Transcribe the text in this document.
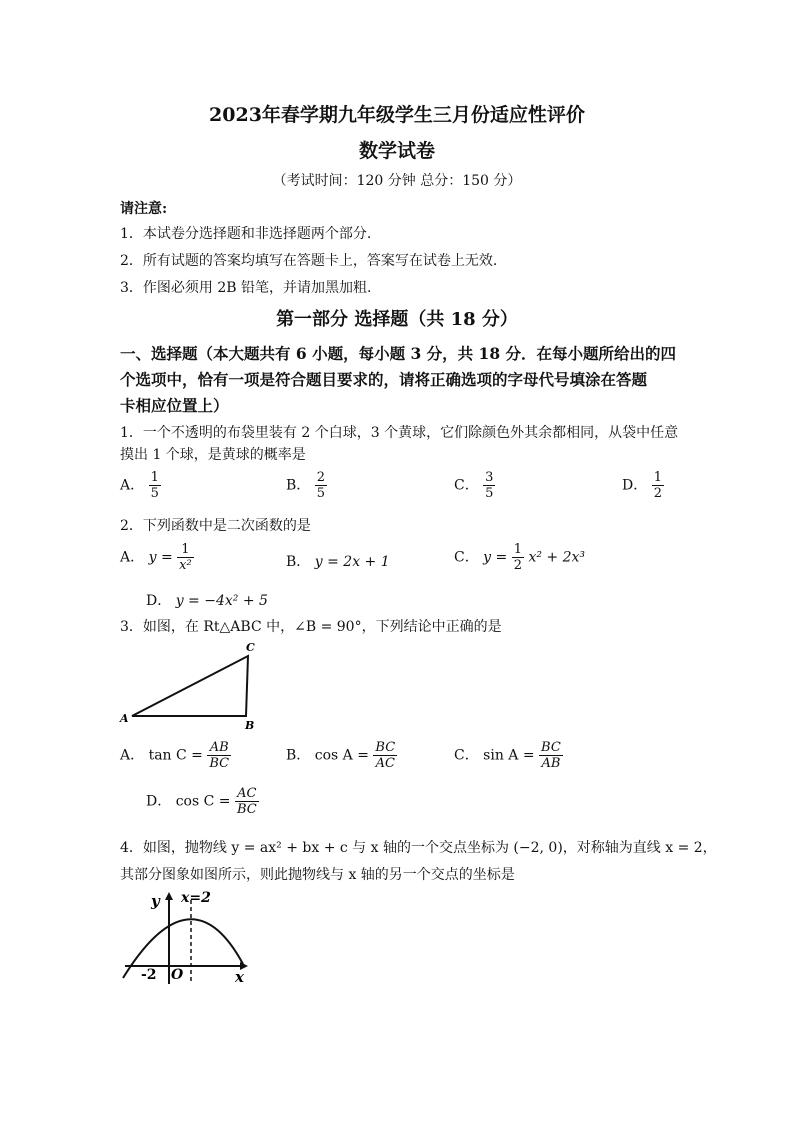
2023年春学期九年级学生三月份适应性评价
数学试卷
（考试时间：120 分钟 总分：150 分）
请注意:
1．本试卷分选择题和非选择题两个部分.
2．所有试题的答案均填写在答题卡上，答案写在试卷上无效.
3．作图必须用 2B 铅笔，并请加黑加粗.
第一部分 选择题（共 18 分）
一、选择题（本大题共有 6 小题，每小题 3 分，共 18 分．在每小题所给出的四
个选项中，恰有一项是符合题目要求的，请将正确选项的字母代号填涂在答题
卡相应位置上）
1．一个不透明的布袋里装有 2 个白球，3 个黄球，它们除颜色外其余都相同，从袋中任意
摸出 1 个球，是黄球的概率是
A． $\frac{1}{5}$	B． $\frac{2}{5}$	C． $\frac{3}{5}$	D． $\frac{1}{2}$
2．下列函数中是二次函数的是
A． $y = \frac{1}{\text{x²}}$	B． y = 2x + 1	C． $y = \frac{1}{2} x^2 + 2x^3$
D． y = −4x² + 5
3．如图，在 Rt△ABC 中，∠B = 90°，下列结论中正确的是
A
B
C
A． $\tan C = \frac{AB}{BC}$	B． $\cos A = \frac{BC}{AC}$	C． $\sin A = \frac{BC}{AB}$
D． $\cos C = \frac{AC}{BC}$
4．如图，抛物线 y = ax² + bx + c 与 x 轴的一个交点坐标为 (−2, 0)，对称轴为直线 x = 2，
其部分图象如图所示，则此抛物线与 x 轴的另一个交点的坐标是
y x=2
-2 O	x
